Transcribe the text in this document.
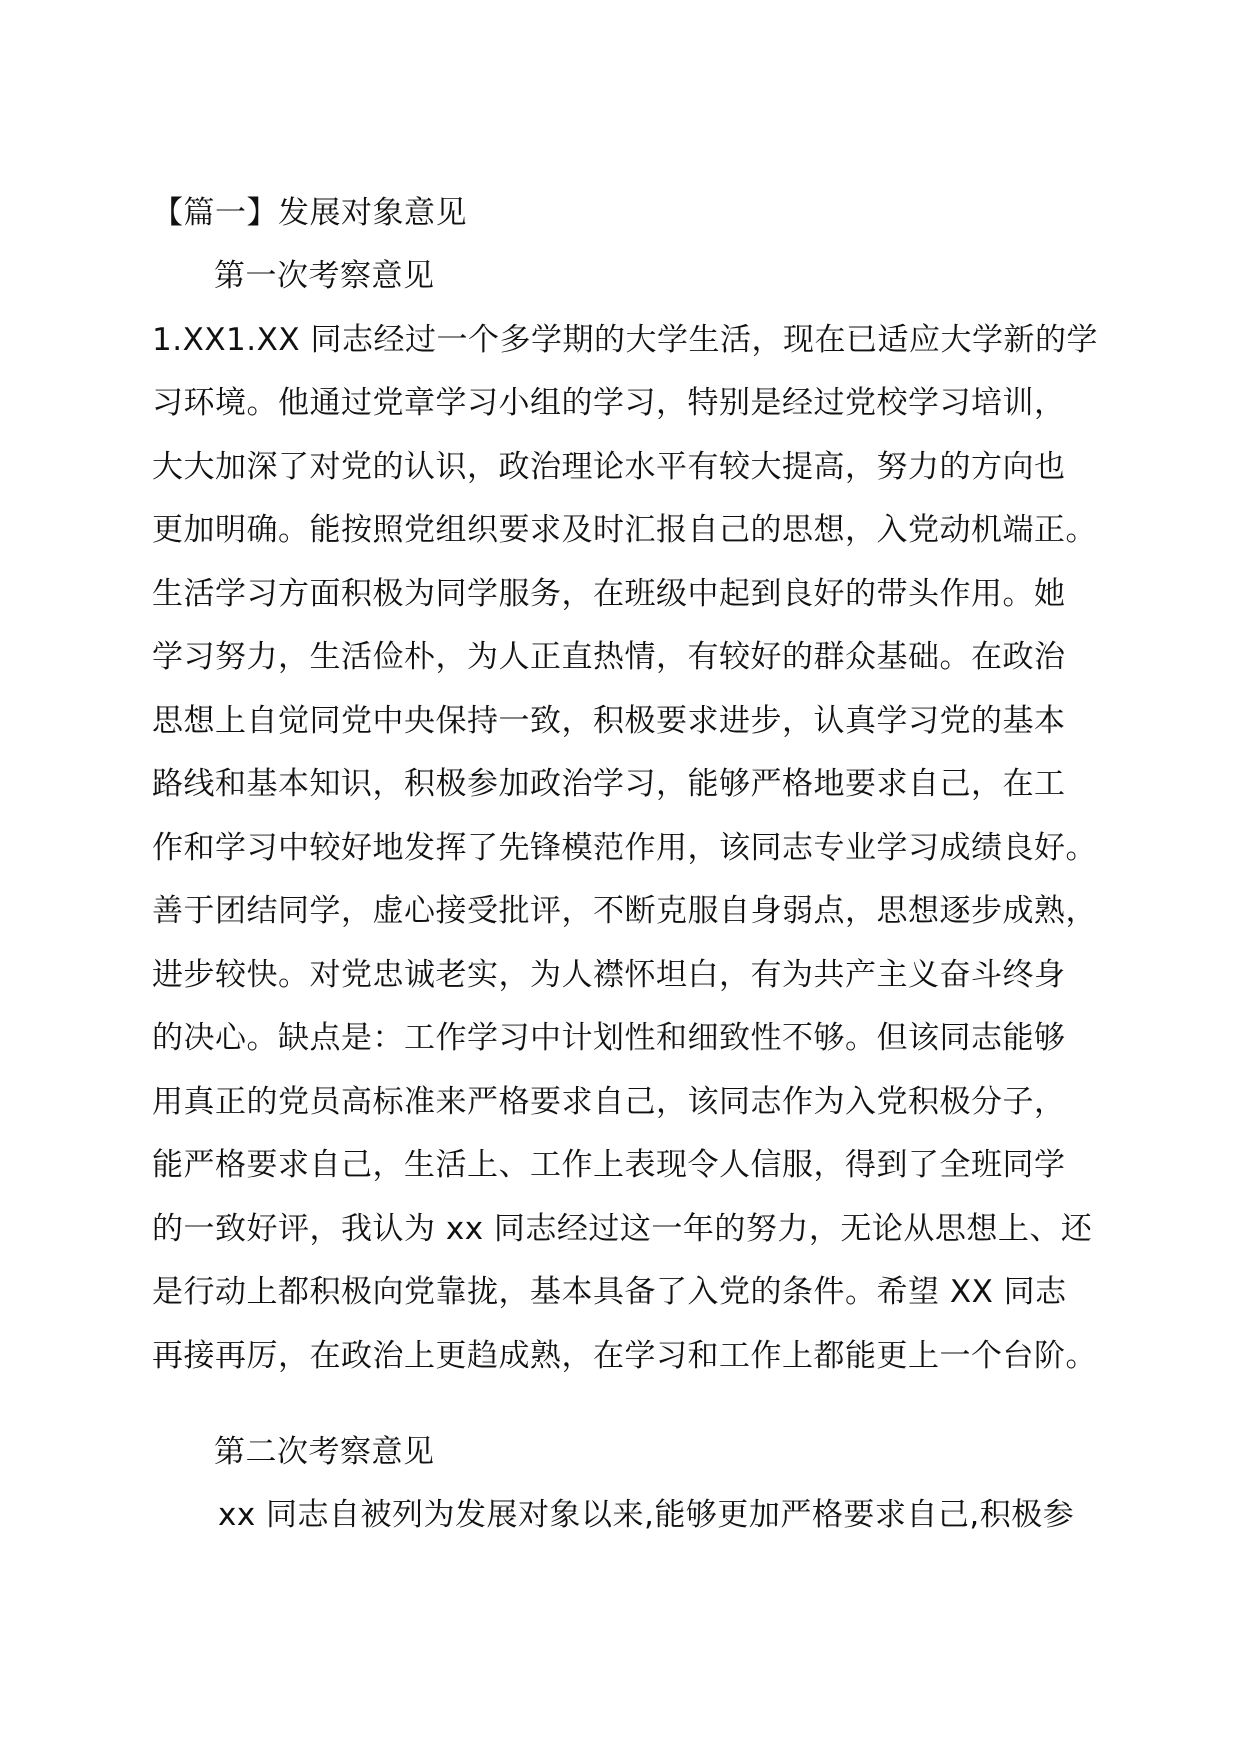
【篇一】发展对象意见
第一次考察意见
1.XX1.XX 同志经过一个多学期的大学生活，现在已适应大学新的学
习环境。他通过党章学习小组的学习，特别是经过党校学习培训，
大大加深了对党的认识，政治理论水平有较大提高，努力的方向也
更加明确。能按照党组织要求及时汇报自己的思想，入党动机端正。
生活学习方面积极为同学服务，在班级中起到良好的带头作用。她
学习努力，生活俭朴，为人正直热情，有较好的群众基础。在政治
思想上自觉同党中央保持一致，积极要求进步，认真学习党的基本
路线和基本知识，积极参加政治学习，能够严格地要求自己，在工
作和学习中较好地发挥了先锋模范作用，该同志专业学习成绩良好。
善于团结同学，虚心接受批评，不断克服自身弱点，思想逐步成熟，
进步较快。对党忠诚老实，为人襟怀坦白，有为共产主义奋斗终身
的决心。缺点是：工作学习中计划性和细致性不够。但该同志能够
用真正的党员高标准来严格要求自己，该同志作为入党积极分子，
能严格要求自己，生活上、工作上表现令人信服，得到了全班同学
的一致好评，我认为 xx 同志经过这一年的努力，无论从思想上、还
是行动上都积极向党靠拢，基本具备了入党的条件。希望 XX 同志
再接再厉，在政治上更趋成熟，在学习和工作上都能更上一个台阶。
第二次考察意见
xx 同志自被列为发展对象以来,能够更加严格要求自己,积极参
